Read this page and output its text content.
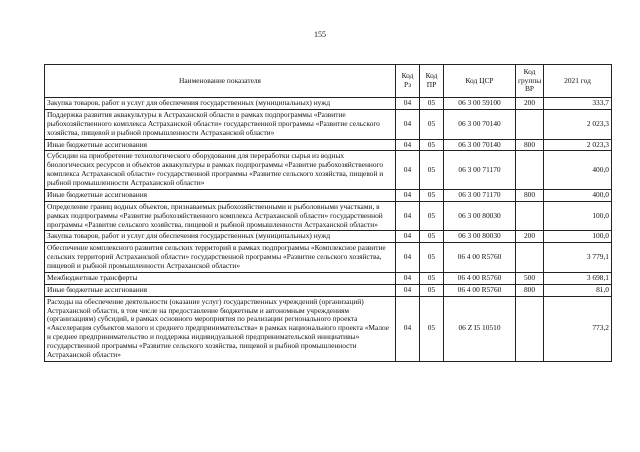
155
Наименование показателя	Код Рз	Код ПР	Код ЦСР	Код группы ВР	2021 год
Закупка товаров, работ и услуг для обеспечения государственных (муниципальных) нужд	04	05	06 3 00 59100	200	333,7
Поддержка развития аквакультуры в Астраханской области в рамках подпрограммы «Развитие рыбохозяйственного комплекса Астраханской области» государственной программы «Развитие сельского хозяйства, пищевой и рыбной промышленности Астраханской области»	04	05	06 3 00 70140		2 023,3
Иные бюджетные ассигнования	04	05	06 3 00 70140	800	2 023,3
Субсидии на приобретение технологического оборудования для переработки сырья из водных биологических ресурсов и объектов аквакультуры в рамках подпрограммы «Развитие рыбохозяйственного комплекса Астраханской области» государственной программы «Развитие сельского хозяйства, пищевой и рыбной промышленности Астраханской области»	04	05	06 3 00 71170		400,0
Иные бюджетные ассигнования	04	05	06 3 00 71170	800	400,0
Определение границ водных объектов, признаваемых рыбохозяйственными и рыболовными участками, в рамках подпрограммы «Развитие рыбохозяйственного комплекса Астраханской области» государственной программы «Развитие сельского хозяйства, пищевой и рыбной промышленности Астраханской области»	04	05	06 3 00 80030		100,0
Закупка товаров, работ и услуг для обеспечения государственных (муниципальных) нужд	04	05	06 3 00 80030	200	100,0
Обеспечение комплексного развития сельских территорий в рамках подпрограммы «Комплексное развитие сельских территорий Астраханской области» государственной программы «Развитие сельского хозяйства, пищевой и рыбной промышленности Астраханской области»	04	05	06 4 00 R5760		3 779,1
Межбюджетные трансферты	04	05	06 4 00 R5760	500	3 698,1
Иные бюджетные ассигнования	04	05	06 4 00 R5760	800	81,0
Расходы на обеспечение деятельности (оказание услуг) государственных учреждений (организаций) Астраханской области, в том числе на предоставление бюджетным и автономным учреждениям (организациям) субсидий, в рамках основного мероприятия по реализации регионального проекта «Акселерация субъектов малого и среднего предпринимательства» в рамках национального проекта «Малое и среднее предпринимательство и поддержка индивидуальной предпринимательской инициативы» государственной программы «Развитие сельского хозяйства, пищевой и рыбной промышленности Астраханской области»	04	05	06 Z I5 10510		773,2
